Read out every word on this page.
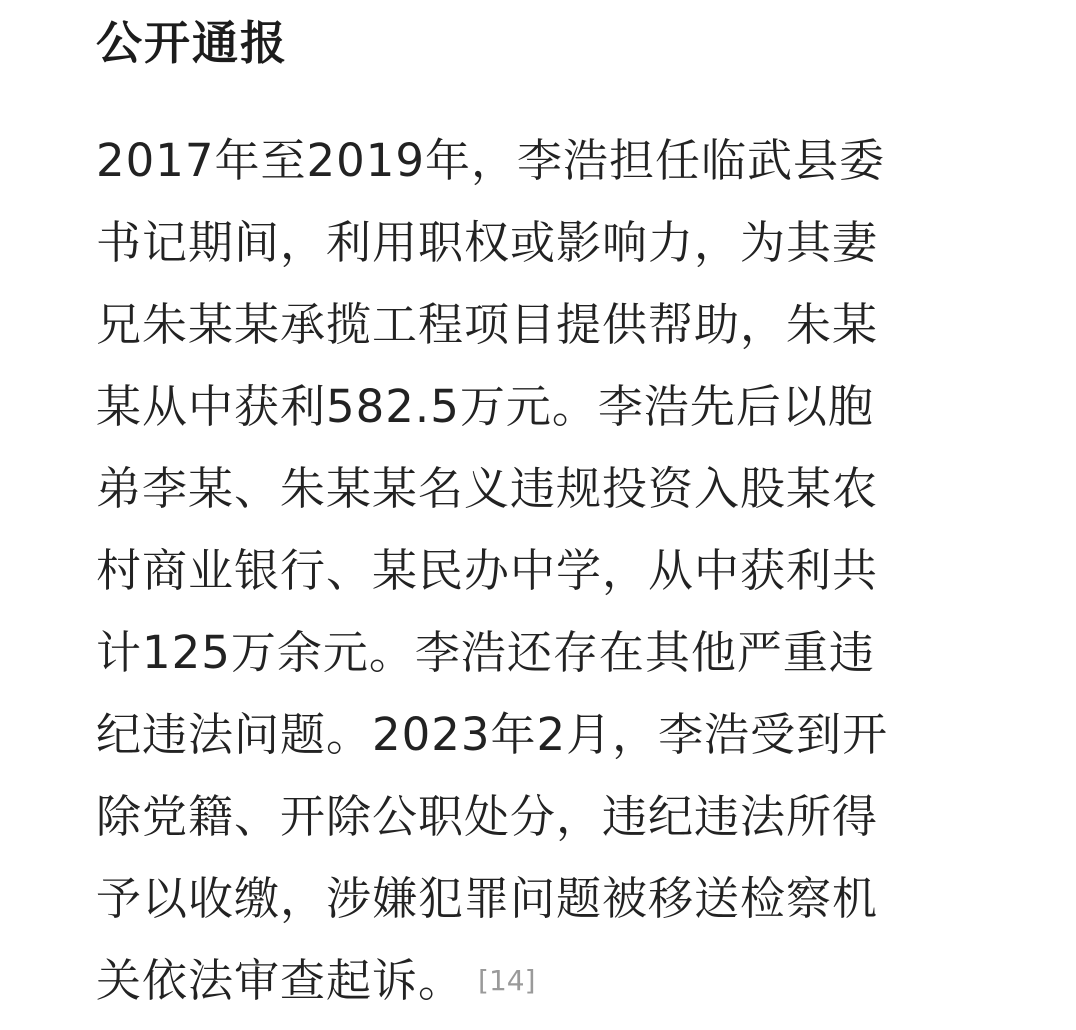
公开通报
2017年至2019年，李浩担任临武县委
书记期间，利用职权或影响力，为其妻
兄朱某某承揽工程项目提供帮助，朱某
某从中获利582.5万元。李浩先后以胞
弟李某、朱某某名义违规投资入股某农
村商业银行、某民办中学，从中获利共
计125万余元。李浩还存在其他严重违
纪违法问题。2023年2月，李浩受到开
除党籍、开除公职处分，违纪违法所得
予以收缴，涉嫌犯罪问题被移送检察机
关依法审查起诉。 [14]
